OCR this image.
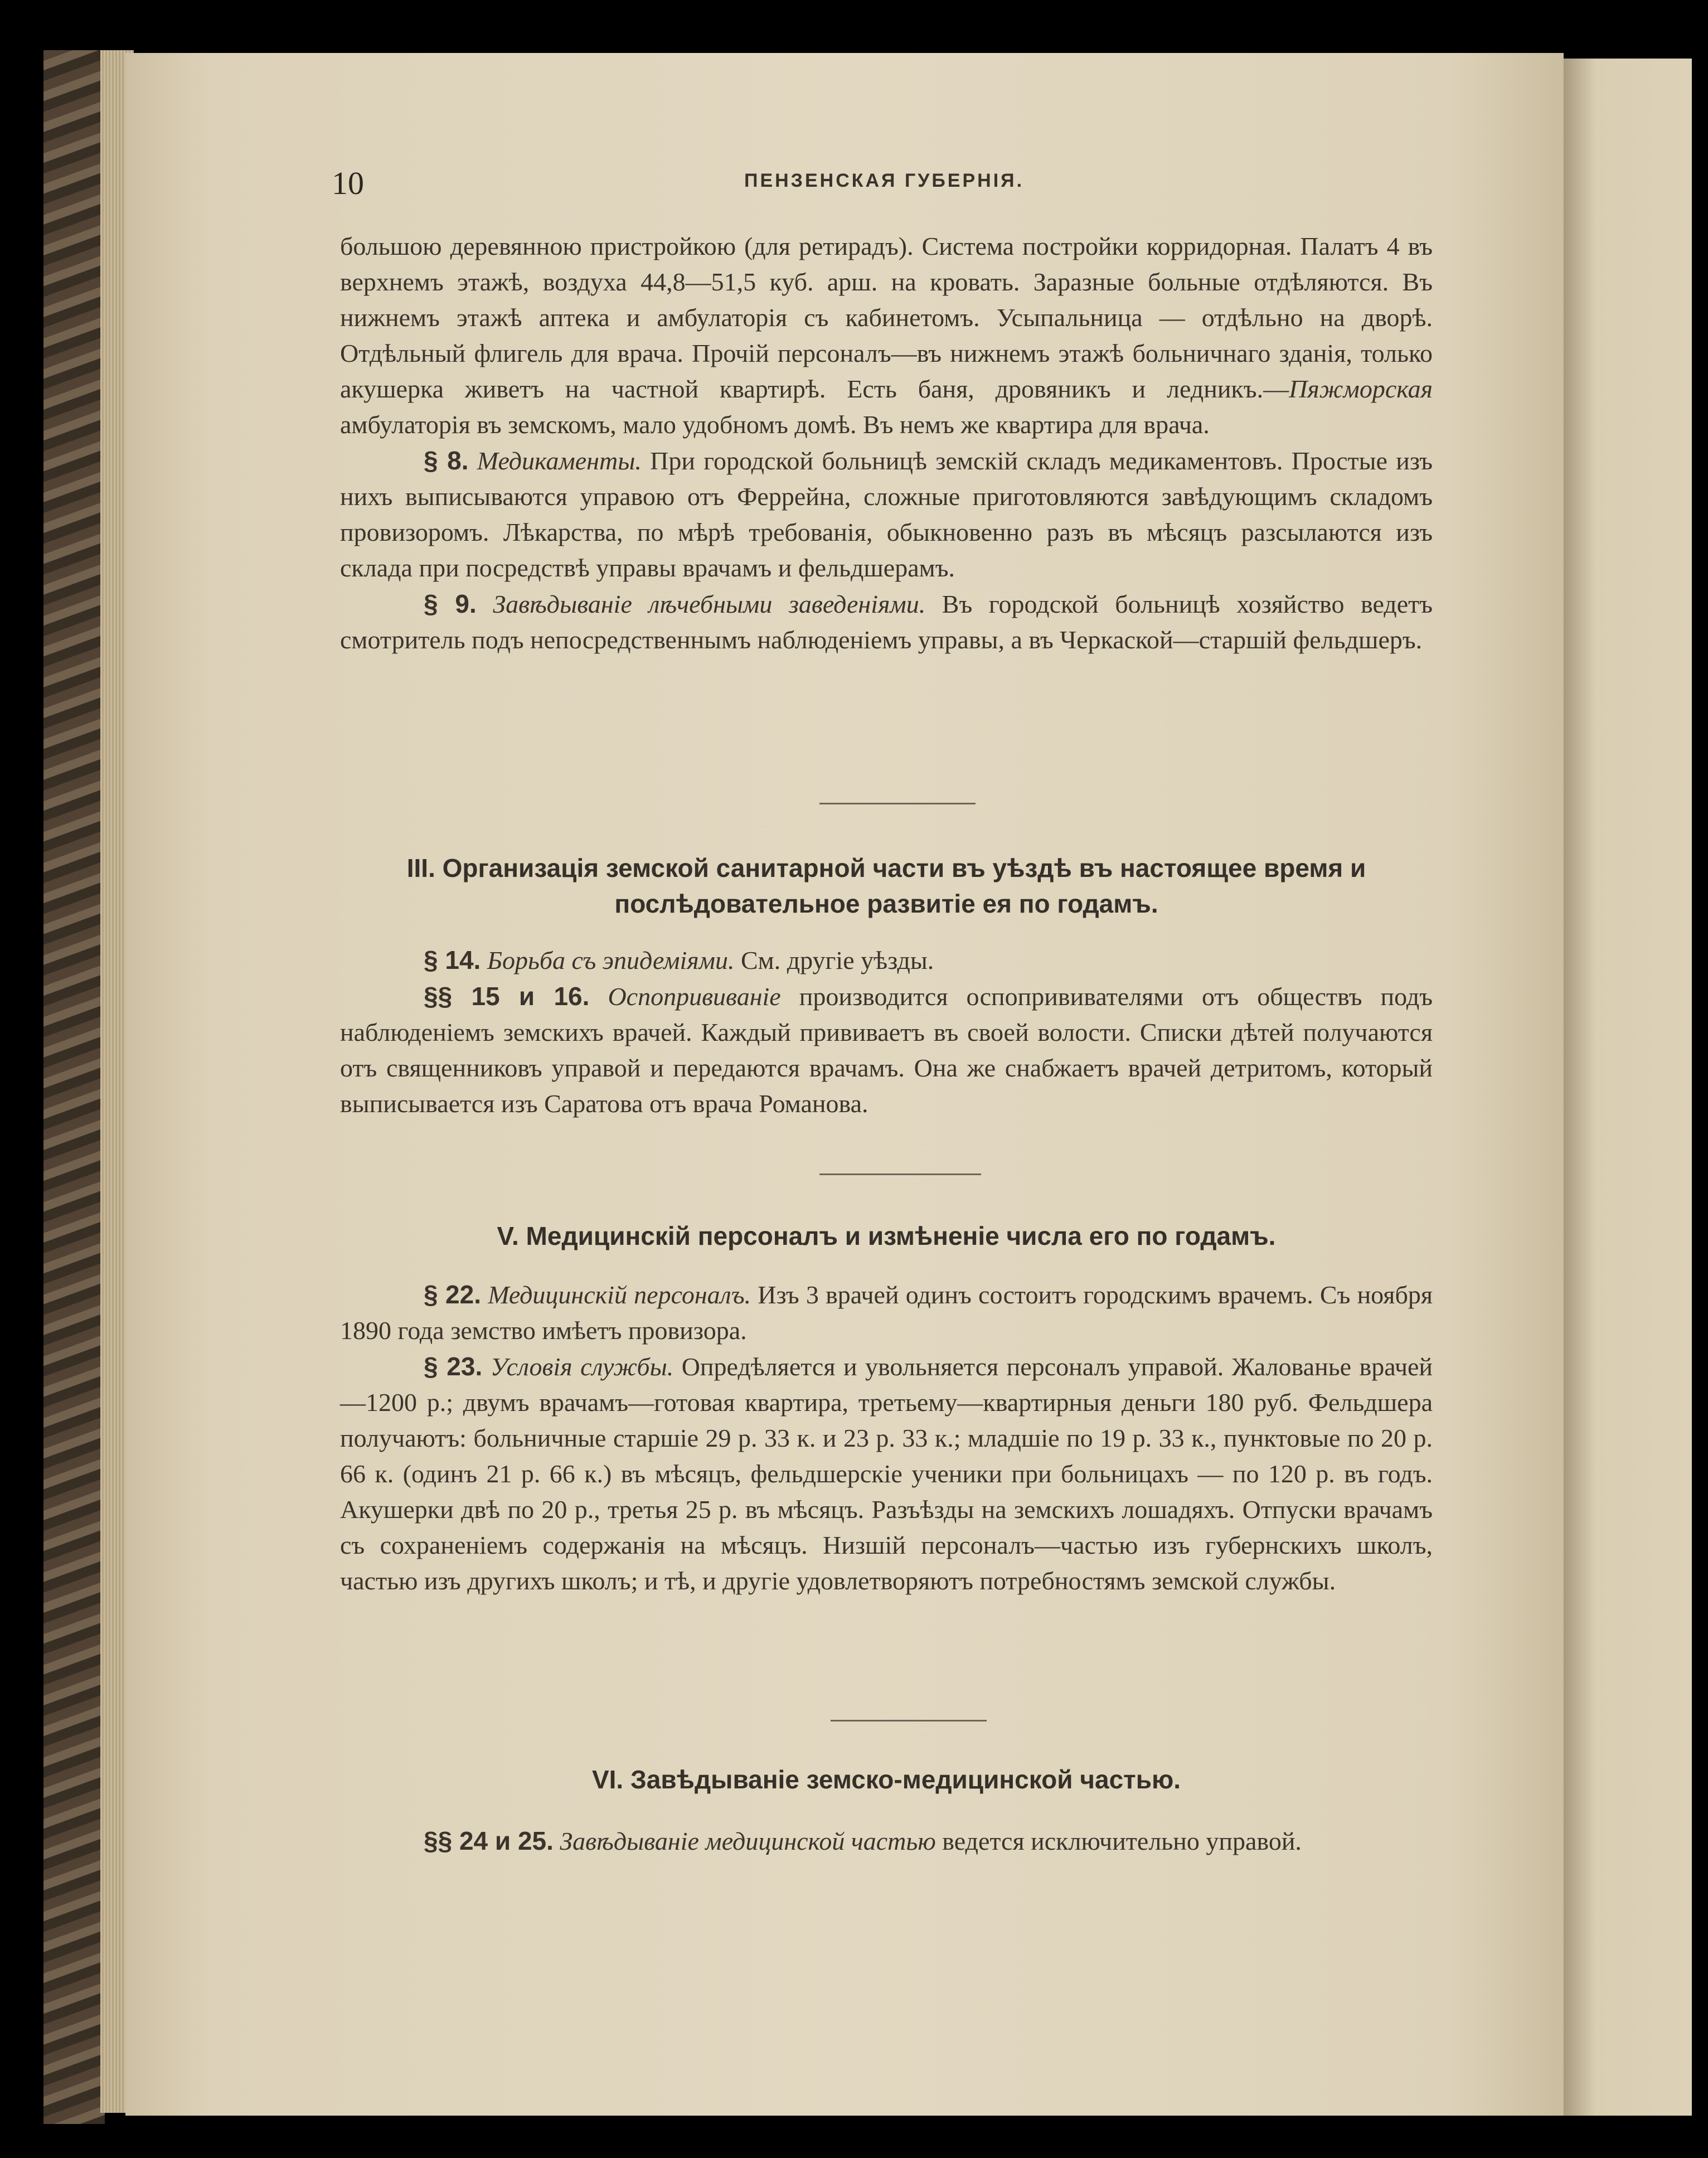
10	ПЕНЗЕНСКАЯ ГУБЕРНІЯ.

большою деревянною пристройкою (для ретирадъ). Система постройки корридорная. Палатъ 4 въ верхнемъ этажѣ, воздуха 44,8—51,5 куб. арш. на кровать. Заразные больные отдѣляются. Въ нижнемъ этажѣ аптека и амбулаторія съ кабинетомъ. Усыпальница — отдѣльно на дворѣ. Отдѣльный флигель для врача. Прочій персоналъ—въ нижнемъ этажѣ больничнаго зданія, только акушерка живетъ на частной квартирѣ. Есть баня, дровяникъ и ледникъ.—Пяжморская амбулаторія въ земскомъ, мало удобномъ домѣ. Въ немъ же квартира для врача.

§ 8. Медикаменты. При городской больницѣ земскій складъ медикаментовъ. Простые изъ нихъ выписываются управою отъ Феррейна, сложные приготовляются завѣдующимъ складомъ провизоромъ. Лѣкарства, по мѣрѣ требованія, обыкновенно разъ въ мѣсяцъ разсылаются изъ склада при посредствѣ управы врачамъ и фельдшерамъ.

§ 9. Завѣдыванie лѣчебными заведеніями. Въ городской больницѣ хозяйство ведетъ смотритель подъ непосредственнымъ наблюденіемъ управы, а въ Черкаской—старшій фельдшеръ.

III. Организація земской санитарной части въ уѣздѣ въ настоящее время и послѣдовательное развитіе ея по годамъ.

§ 14. Борьба съ эпидеміями. См. другіе уѣзды.

§§ 15 и 16. Оспопрививаніе производится оспопрививателями отъ обществъ подъ наблюденіемъ земскихъ врачей. Каждый прививаетъ въ своей волости. Списки дѣтей получаются отъ священниковъ управой и передаются врачамъ. Она же снабжаетъ врачей детритомъ, который выписывается изъ Саратова отъ врача Романова.

V. Медицинскій персоналъ и измѣненіе числа его по годамъ.

§ 22. Медицинскій персоналъ. Изъ 3 врачей одинъ состоитъ городскимъ врачемъ. Съ ноября 1890 года земство имѣетъ провизора.

§ 23. Условія службы. Опредѣляется и увольняется персоналъ управой. Жалованье врачей—1200 р.; двумъ врачамъ—готовая квартира, третьему—квартирныя деньги 180 руб. Фельдшера получаютъ: больничные старшіе 29 р. 33 к. и 23 р. 33 к.; младшіе по 19 р. 33 к., пунктовые по 20 р. 66 к. (одинъ 21 р. 66 к.) въ мѣсяцъ, фельдшерскіе ученики при больницахъ — по 120 р. въ годъ. Акушерки двѣ по 20 р., третья 25 р. въ мѣсяцъ. Разъѣзды на земскихъ лошадяхъ. Отпуски врачамъ съ сохраненіемъ содержанія на мѣсяцъ. Низшій персоналъ—частью изъ губернскихъ школъ, частью изъ другихъ школъ; и тѣ, и другіе удовлетворяютъ потребностямъ земской службы.

VI. Завѣдыванie земско-медицинской частью.

§§ 24 и 25. Завѣдыванie медицинской частью ведется исключительно управой.
